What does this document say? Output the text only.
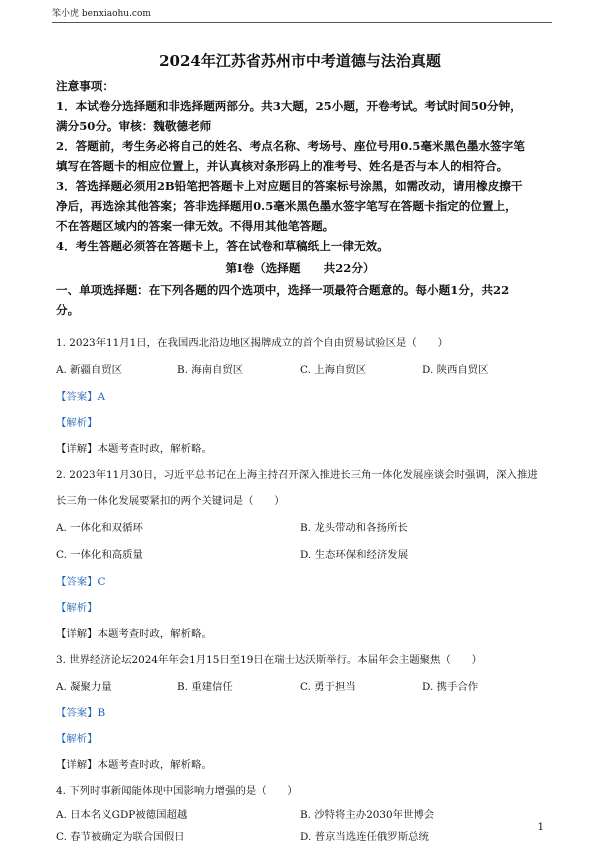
笨小虎 benxiaohu.com
2024年江苏省苏州市中考道德与法治真题
注意事项：
1．本试卷分选择题和非选择题两部分。共3大题，25小题，开卷考试。考试时间50分钟，
满分50分。审核：魏敬德老师
2．答题前，考生务必将自己的姓名、考点名称、考场号、座位号用0.5毫米黑色墨水签字笔
填写在答题卡的相应位置上，并认真核对条形码上的准考号、姓名是否与本人的相符合。
3．答选择题必须用2B铅笔把答题卡上对应题目的答案标号涂黑，如需改动，请用橡皮擦干
净后，再选涂其他答案；答非选择题用0.5毫米黑色墨水签字笔写在答题卡指定的位置上，
不在答题区域内的答案一律无效。不得用其他笔答题。
4．考生答题必须答在答题卡上，答在试卷和草稿纸上一律无效。
第Ⅰ卷（选择题　　共22分）
一、单项选择题：在下列各题的四个选项中，选择一项最符合题意的。每小题1分，共22
分。
1. 2023年11月1日，在我国西北沿边地区揭牌成立的首个自由贸易试验区是（　　）
A. 新疆自贸区	B. 海南自贸区	C. 上海自贸区	D. 陕西自贸区
【答案】A
【解析】
【详解】本题考查时政，解析略。
2. 2023年11月30日，习近平总书记在上海主持召开深入推进长三角一体化发展座谈会时强调，深入推进
长三角一体化发展要紧扣的两个关键词是（　　）
A. 一体化和双循环	B. 龙头带动和各扬所长
C. 一体化和高质量	D. 生态环保和经济发展
【答案】C
【解析】
【详解】本题考查时政，解析略。
3. 世界经济论坛2024年年会1月15日至19日在瑞士达沃斯举行。本届年会主题聚焦（　　）
A. 凝聚力量	B. 重建信任	C. 勇于担当	D. 携手合作
【答案】B
【解析】
【详解】本题考查时政，解析略。
4. 下列时事新闻能体现中国影响力增强的是（　　）
A. 日本名义GDP被德国超越	B. 沙特将主办2030年世博会
C. 春节被确定为联合国假日	D. 普京当选连任俄罗斯总统
1
